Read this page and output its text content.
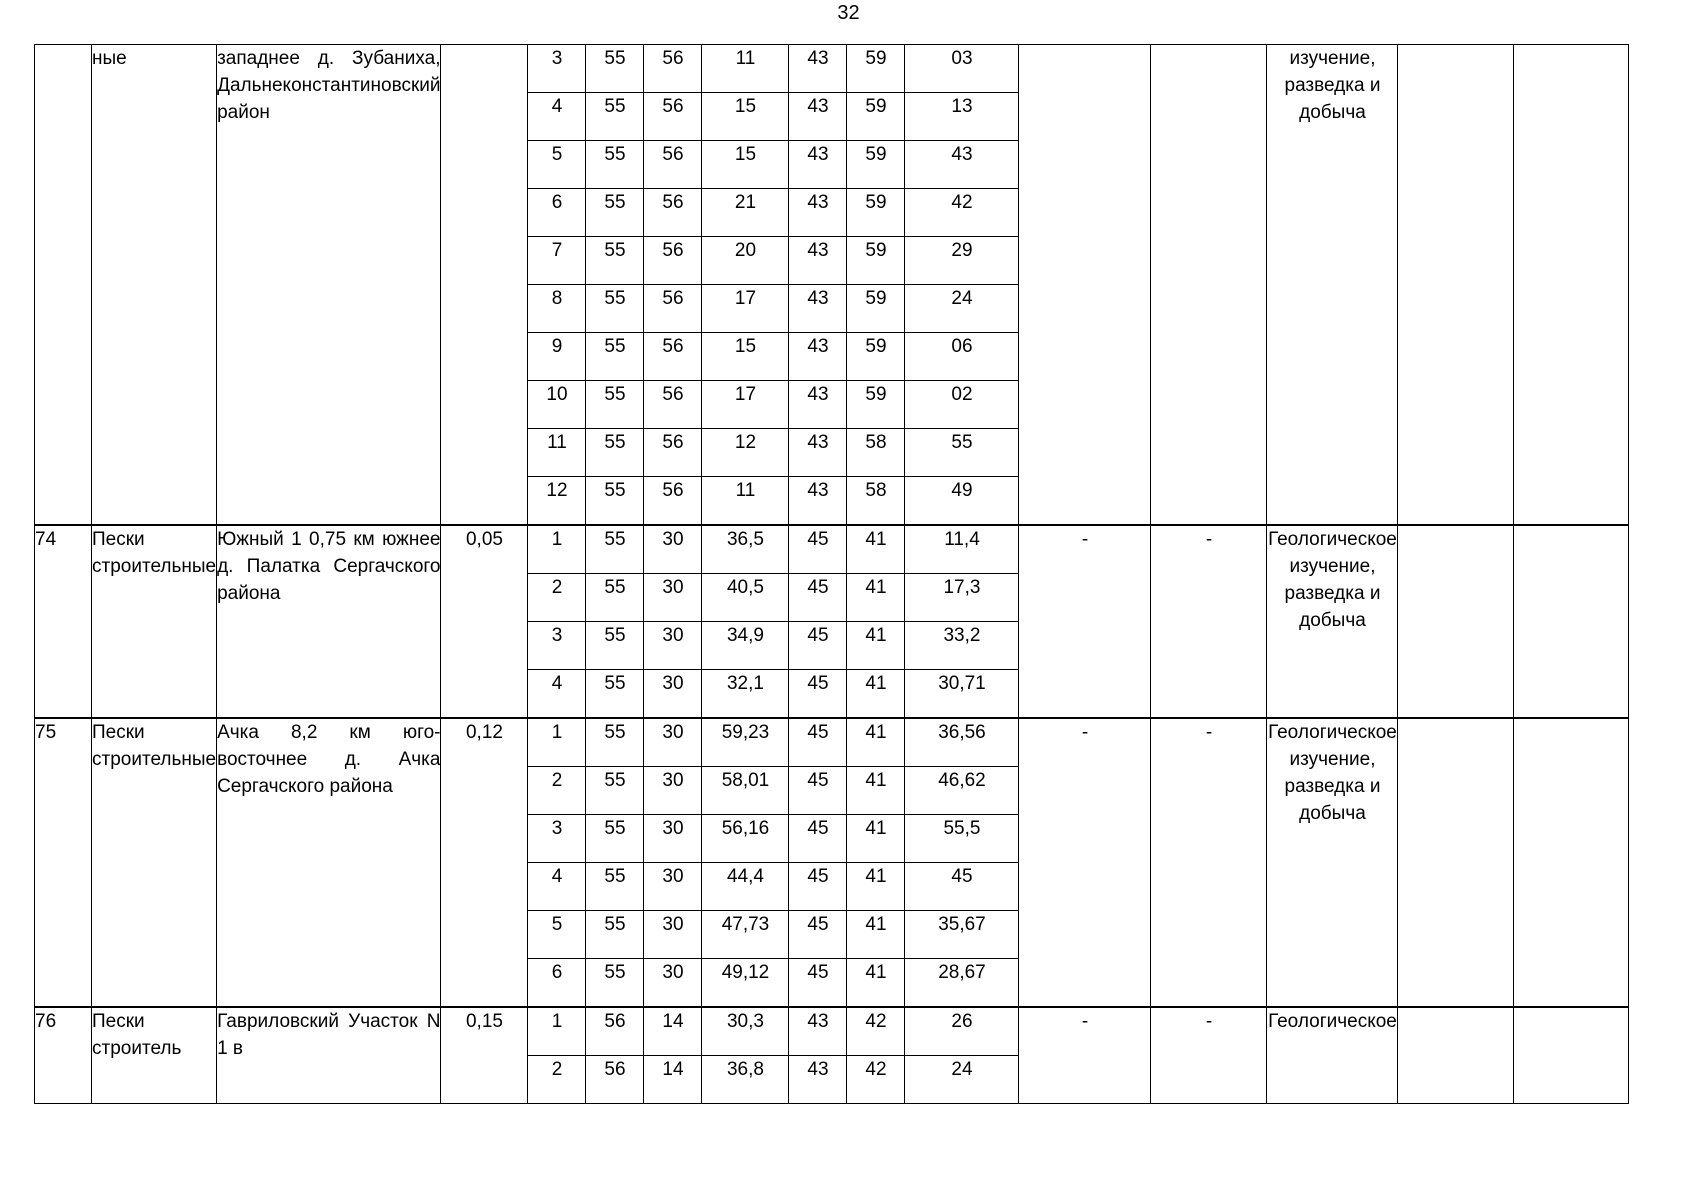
32
	ные	западнее д. Зубаниха, Дальнеконстантиновский район		3	55	56	11	43	59	03			изучение, разведка и добыча		
				4	55	56	15	43	59	13					
				5	55	56	15	43	59	43					
				6	55	56	21	43	59	42					
				7	55	56	20	43	59	29					
				8	55	56	17	43	59	24					
				9	55	56	15	43	59	06					
				10	55	56	17	43	59	02					
				11	55	56	12	43	58	55					
				12	55	56	11	43	58	49					
74	Пески строительные	Южный 1 0,75 км южнее д. Палатка Сергачского района	0,05	1	55	30	36,5	45	41	11,4	-	-	Геологическое изучение, разведка и добыча		
				2	55	30	40,5	45	41	17,3					
				3	55	30	34,9	45	41	33,2					
				4	55	30	32,1	45	41	30,71					
75	Пески строительные	Ачка 8,2 км юго-восточнее д. Ачка Сергачского района	0,12	1	55	30	59,23	45	41	36,56	-	-	Геологическое изучение, разведка и добыча		
				2	55	30	58,01	45	41	46,62					
				3	55	30	56,16	45	41	55,5					
				4	55	30	44,4	45	41	45					
				5	55	30	47,73	45	41	35,67					
				6	55	30	49,12	45	41	28,67					
76	Пески строитель	Гавриловский Участок N 1 в	0,15	1	56	14	30,3	43	42	26	-	-	Геологическое		
				2	56	14	36,8	43	42	24					
